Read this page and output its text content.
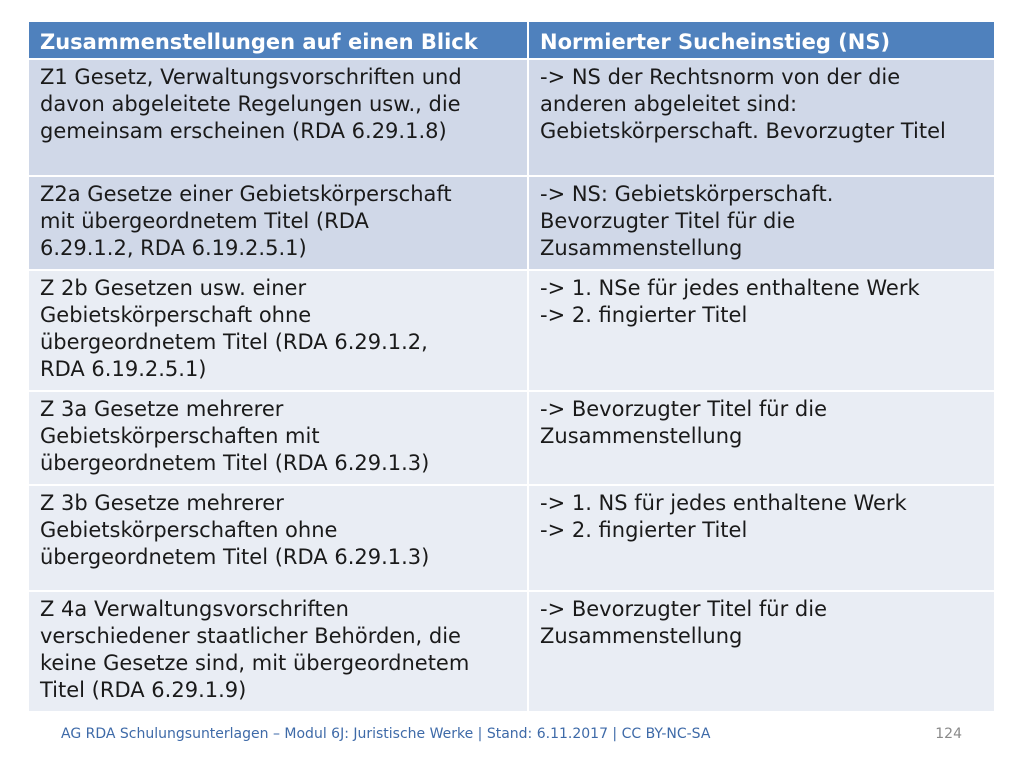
Zusammenstellungen auf einen Blick	Normierter Sucheinstieg (NS)
Z1 Gesetz, Verwaltungsvorschriften und
davon abgeleitete Regelungen usw., die
gemeinsam erscheinen (RDA 6.29.1.8)	-> NS der Rechtsnorm von der die
anderen abgeleitet sind:
Gebietskörperschaft. Bevorzugter Titel
Z2a Gesetze einer Gebietskörperschaft
mit übergeordnetem Titel (RDA
6.29.1.2, RDA 6.19.2.5.1)	-> NS: Gebietskörperschaft.
Bevorzugter Titel für die
Zusammenstellung
Z 2b Gesetzen usw. einer
Gebietskörperschaft ohne
übergeordnetem Titel (RDA 6.29.1.2,
RDA 6.19.2.5.1)	-> 1. NSe für jedes enthaltene Werk
-> 2. fingierter Titel
Z 3a Gesetze mehrerer
Gebietskörperschaften mit
übergeordnetem Titel (RDA 6.29.1.3)	-> Bevorzugter Titel für die
Zusammenstellung
Z 3b Gesetze mehrerer
Gebietskörperschaften ohne
übergeordnetem Titel (RDA 6.29.1.3)	-> 1. NS für jedes enthaltene Werk
-> 2. fingierter Titel
Z 4a Verwaltungsvorschriften
verschiedener staatlicher Behörden, die
keine Gesetze sind, mit übergeordnetem
Titel (RDA 6.29.1.9)	-> Bevorzugter Titel für die
Zusammenstellung
AG RDA Schulungsunterlagen – Modul 6J: Juristische Werke | Stand: 6.11.2017 | CC BY-NC-SA	124
